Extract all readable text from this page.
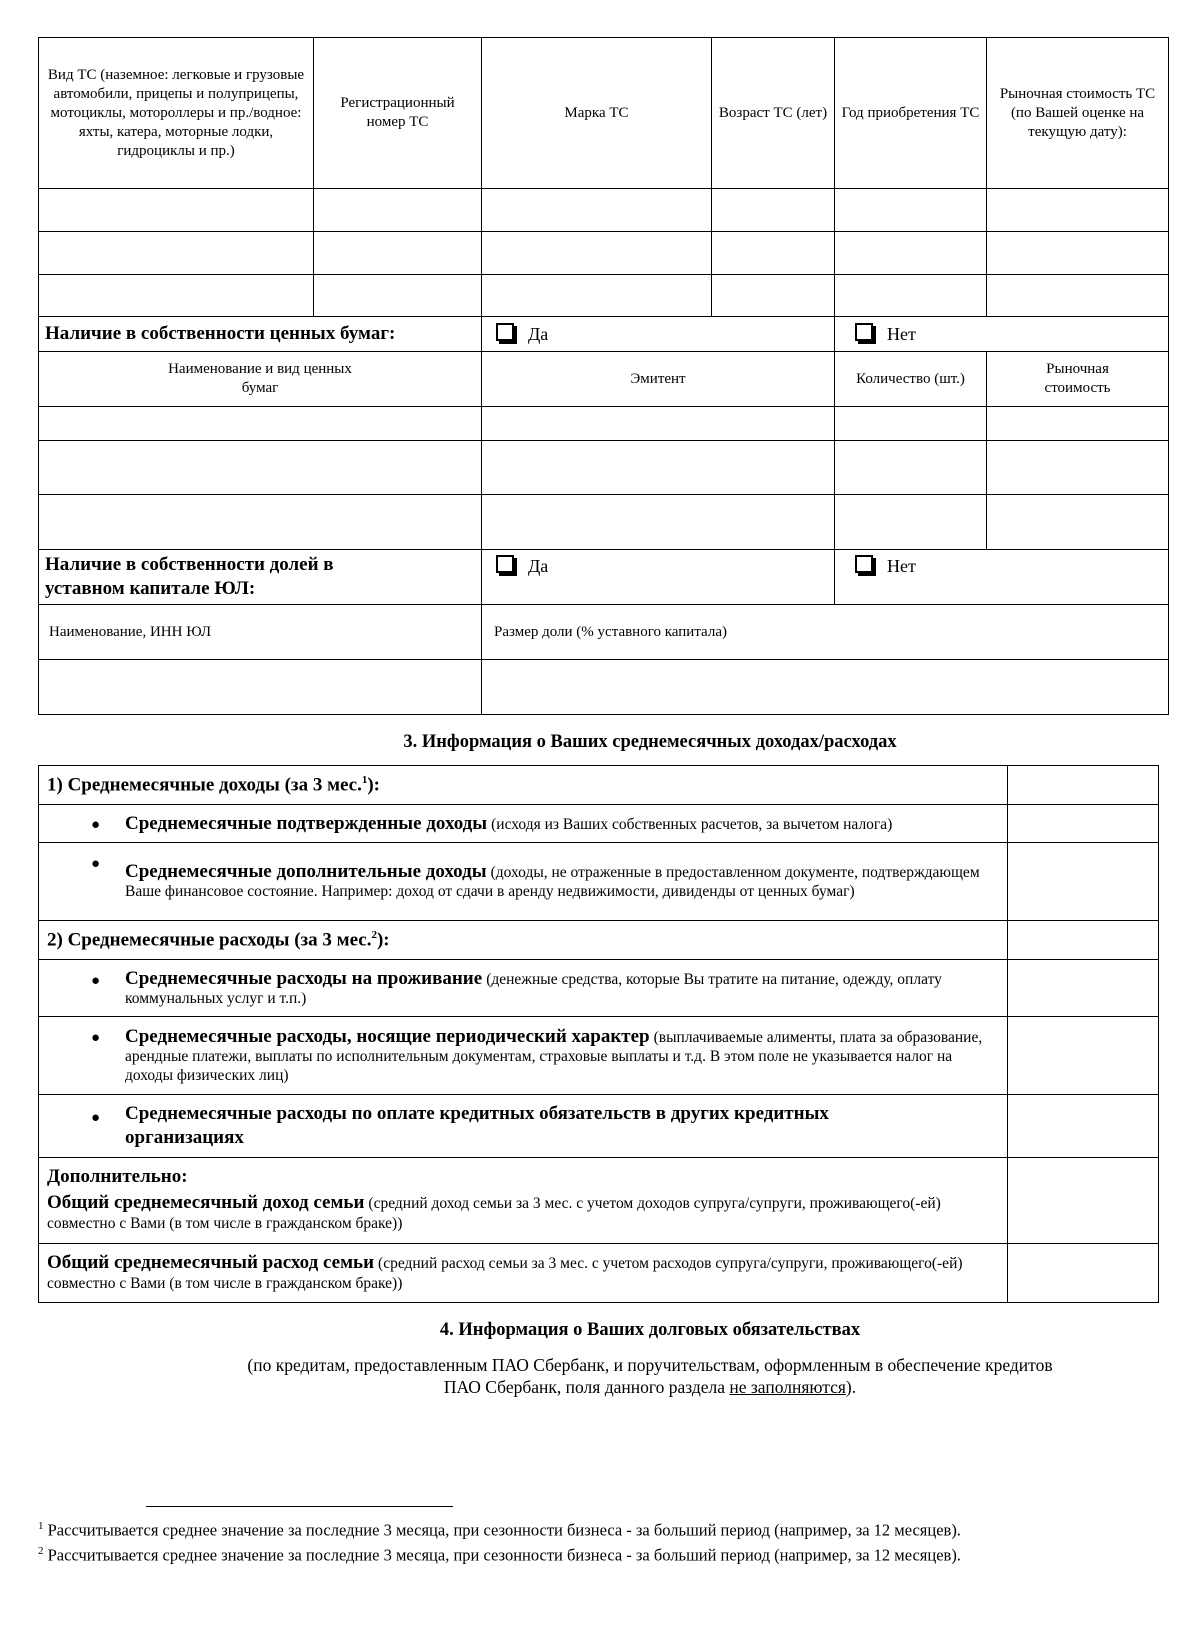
Вид ТС (наземное: легковые и грузовые автомобили, прицепы и полуприцепы, мотоциклы, мотороллеры и пр./водное: яхты, катера, моторные лодки, гидроциклы и пр.)	Регистрационный номер ТС	Марка ТС	Возраст ТС (лет)	Год приобретения ТС	Рыночная стоимость ТС (по Вашей оценке на текущую дату):

Наличие в собственности ценных бумаг:		Да		Нет	
Наименование и вид ценных бумаг		Эмитент		Количество (шт.)	Рыночная стоимость

Наличие в собственности долей в уставном капитале ЮЛ:		Да		Нет	
Наименование, ИНН ЮЛ		Размер доли (% уставного капитала)			

3. Информация о Ваших среднемесячных доходах/расходах
1) Среднемесячные доходы (за 3 мес.$^1$):	

● Среднемесячные подтвержденные доходы (исходя из Ваших собственных расчетов, за вычетом налога)	

● Среднемесячные дополнительные доходы (доходы, не отраженные в предоставленном документе, подтверждающем Ваше финансовое состояние. Например: доход от сдачи в аренду недвижимости, дивиденды от ценных бумаг)	
2) Среднемесячные расходы (за 3 мес.$^2$):	

● Среднемесячные расходы на проживание (денежные средства, которые Вы тратите на питание, одежду, оплату коммунальных услуг и т.п.)	

● Среднемесячные расходы, носящие периодический характер (выплачиваемые алименты, плата за образование, арендные платежи, выплаты по исполнительным документам, страховые выплаты и т.д. В этом поле не указывается налог на доходы физических лиц)	

● Среднемесячные расходы по оплате кредитных обязательств в других кредитных организациях	

Дополнительно:
Общий среднемесячный доход семьи (средний доход семьи за 3 мес. с учетом доходов супруга/супруги, проживающего(-ей) совместно с Вами (в том числе в гражданском браке))	
Общий среднемесячный расход семьи (средний расход семьи за 3 мес. с учетом расходов супруга/супруги, проживающего(-ей) совместно с Вами (в том числе в гражданском браке))	
4. Информация о Ваших долговых обязательствах
(по кредитам, предоставленным ПАО Сбербанк, и поручительствам, оформленным в обеспечение кредитов
ПАО Сбербанк, поля данного раздела не заполняются).
$^1$ Рассчитывается среднее значение за последние 3 месяца, при сезонности бизнеса - за больший период (например, за 12 месяцев).
$^2$ Рассчитывается среднее значение за последние 3 месяца, при сезонности бизнеса - за больший период (например, за 12 месяцев).
